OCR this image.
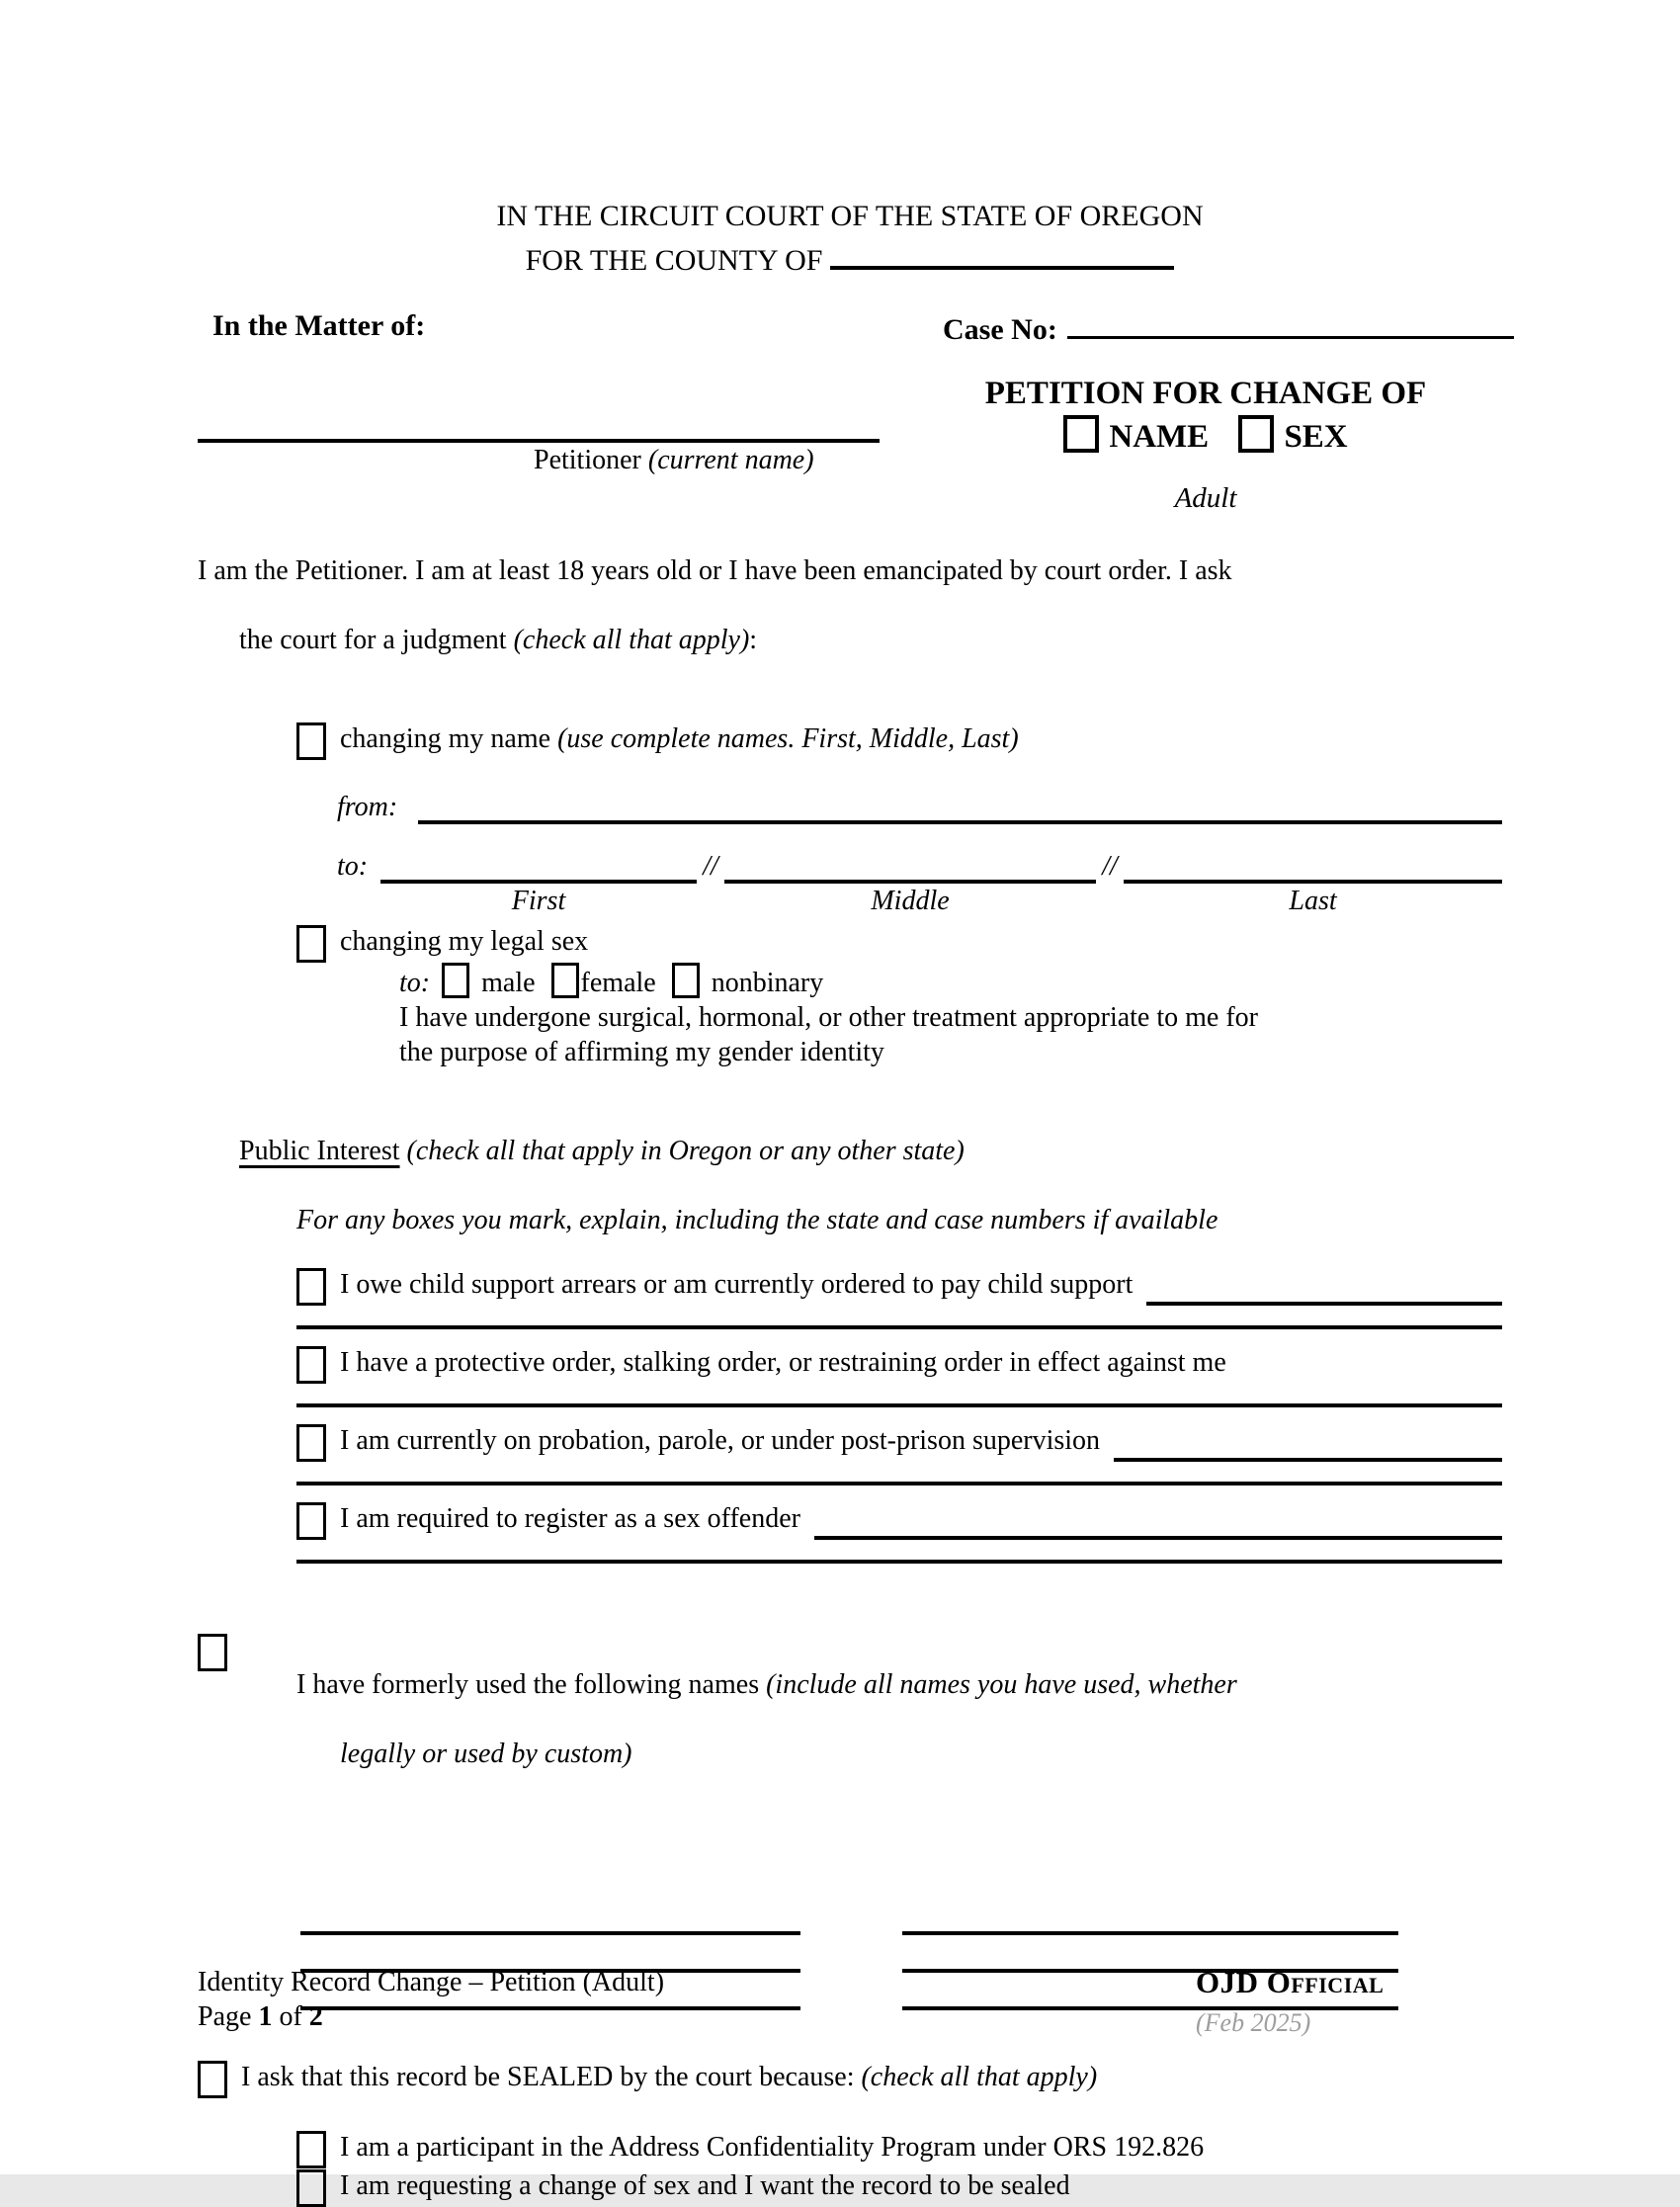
IN THE CIRCUIT COURT OF THE STATE OF OREGON
FOR THE COUNTY OF
In the Matter of:	Case No:
PETITION FOR CHANGE OF
NAME SEX
Adult
Petitioner (current name)
I am the Petitioner. I am at least 18 years old or I have been emancipated by court order. I ask

the court for a judgment (check all that apply):

changing my name (use complete names. First, Middle, Last)
from:
to:	//	//
First	Middle	Last
changing my legal sex
to: male female nonbinary
I have undergone surgical, hormonal, or other treatment appropriate to me for
the purpose of affirming my gender identity

Public Interest (check all that apply in Oregon or any other state)

For any boxes you mark, explain, including the state and case numbers if available
I owe child support arrears or am currently ordered to pay child support
I have a protective order, stalking order, or restraining order in effect against me
I am currently on probation, parole, or under post-prison supervision
I am required to register as a sex offender

I have formerly used the following names (include all names you have used, whether

legally or used by custom)

I ask that this record be SEALED by the court because: (check all that apply)
I am a participant in the Address Confidentiality Program under ORS 192.826
I am requesting a change of sex and I want the record to be sealed
Identity Record Change – Petition (Adult)
Page 1 of 2
OJD Official
(Feb 2025)
